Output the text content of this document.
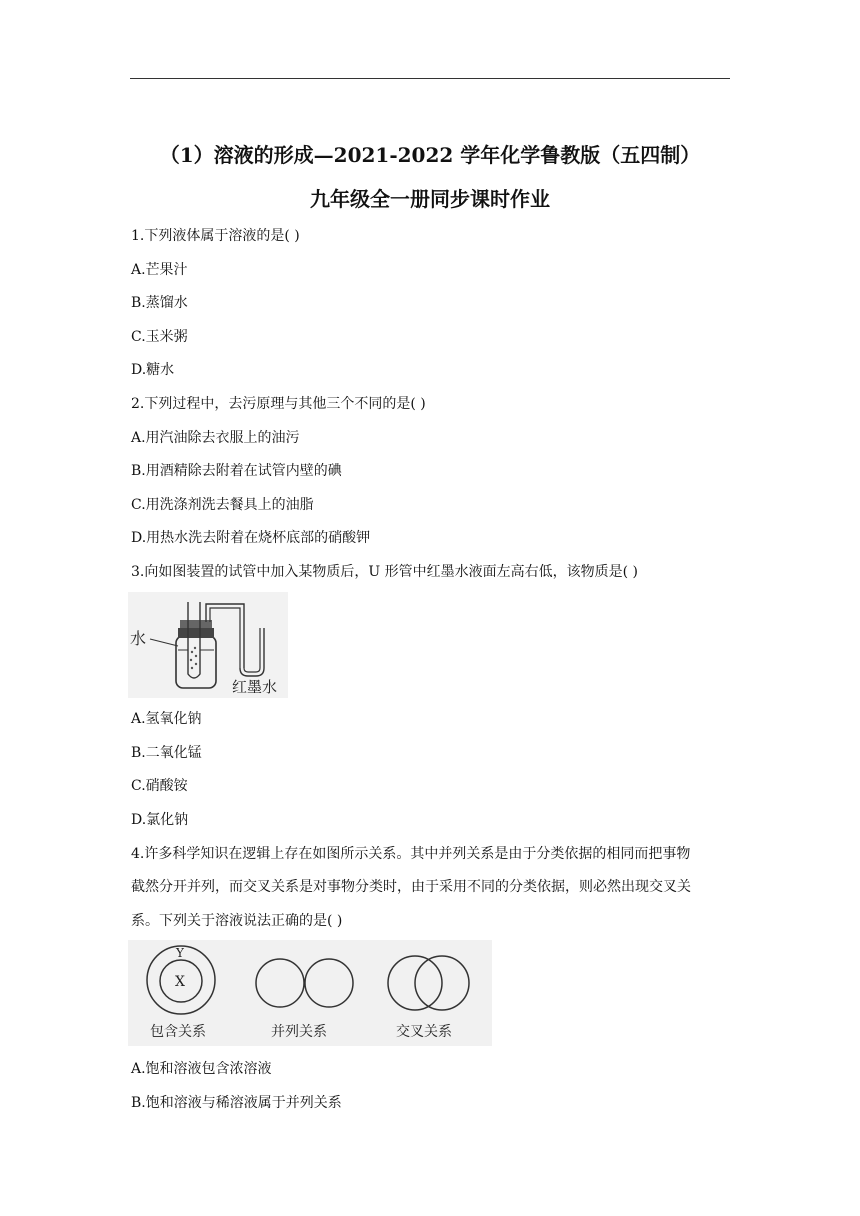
（1）溶液的形成—2021-2022 学年化学鲁教版（五四制）
九年级全一册同步课时作业
1.下列液体属于溶液的是( )
A.芒果汁
B.蒸馏水
C.玉米粥
D.糖水
2.下列过程中，去污原理与其他三个不同的是( )
A.用汽油除去衣服上的油污
B.用酒精除去附着在试管内壁的碘
C.用洗涤剂洗去餐具上的油脂
D.用热水洗去附着在烧杯底部的硝酸钾
3.向如图装置的试管中加入某物质后，U 形管中红墨水液面左高右低，该物质是( )
水
红墨水
A.氢氧化钠
B.二氧化锰
C.硝酸铵
D.氯化钠
4.许多科学知识在逻辑上存在如图所示关系。其中并列关系是由于分类依据的相同而把事物
截然分开并列，而交叉关系是对事物分类时，由于采用不同的分类依据，则必然出现交叉关
系。下列关于溶液说法正确的是( )
Y
X
包含关系	并列关系	交叉关系
A.饱和溶液包含浓溶液
B.饱和溶液与稀溶液属于并列关系
